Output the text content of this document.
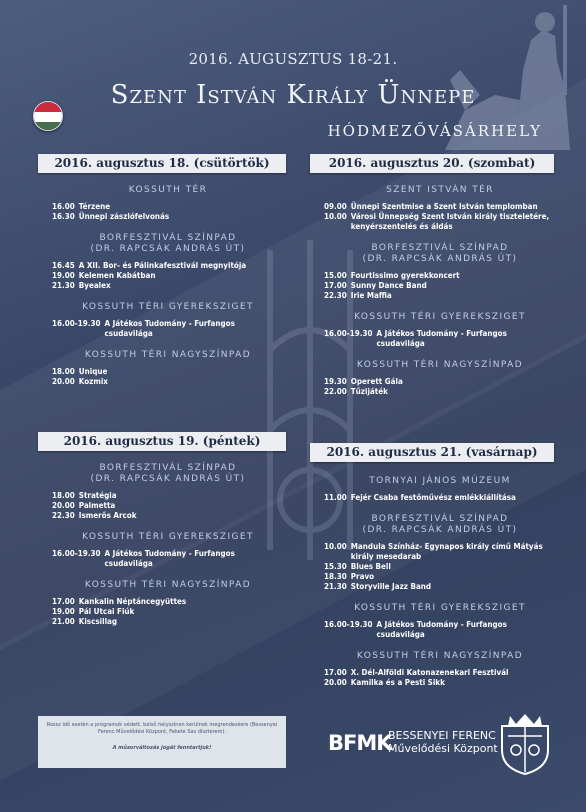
2016. AUGUSZTUS 18-21.
Szent István Király Ünnepe
HÓDMEZŐVÁSÁRHELY
2016. augusztus 18. (csütörtök)
2016. augusztus 19. (péntek)
2016. augusztus 20. (szombat)
2016. augusztus 21. (vasárnap)
KOSSUTH TÉR
16.00 Térzene
16.30 Ünnepi zászlófelvonás
BORFESZTIVÁL SZÍNPAD
(DR. RAPCSÁK ANDRÁS ÚT)
16.45 A XII. Bor- és Pálinkafesztivál megnyitója
19.00 Kelemen Kabátban
21.30 Byealex
KOSSUTH TÉRI GYEREKSZIGET
16.00-19.30 A Játékos Tudomány - Furfangos csudavilága
KOSSUTH TÉRI NAGYSZÍNPAD
18.00 Unique
20.00 Kozmix
BORFESZTIVÁL SZÍNPAD
(DR. RAPCSÁK ANDRÁS ÚT)
18.00 Stratégia
20.00 Palmetta
22.30 Ismerős Arcok
KOSSUTH TÉRI GYEREKSZIGET
16.00-19.30 A Játékos Tudomány - Furfangos csudavilága
KOSSUTH TÉRI NAGYSZÍNPAD
17.00 Kankalin Néptáncegyüttes
19.00 Pál Utcai Fiúk
21.00 Kiscsillag
SZENT ISTVÁN TÉR
09.00 Ünnepi Szentmise a Szent István templomban
10.00 Városi Ünnepség Szent István király tiszteletére, kenyérszentelés és áldás
BORFESZTIVÁL SZÍNPAD
(DR. RAPCSÁK ANDRÁS ÚT)
15.00 Fourtissimo gyerekkoncert
17.00 Sunny Dance Band
22.30 Irie Maffia
KOSSUTH TÉRI GYEREKSZIGET
16.00-19.30 A Játékos Tudomány - Furfangos csudavilága
KOSSUTH TÉRI NAGYSZÍNPAD
19.30 Operett Gála
22.00 Tűzijáték
TORNYAI JÁNOS MÚZEUM
11.00 Fejér Csaba festőművész emlékkiállítása
BORFESZTIVÁL SZÍNPAD
(DR. RAPCSÁK ANDRÁS ÚT)
10.00 Mandula Színház- Egynapos király című Mátyás király mesedarab
15.30 Blues Bell
18.30 Pravo
21.30 Storyville Jazz Band
KOSSUTH TÉRI GYEREKSZIGET
16.00-19.30 A Játékos Tudomány - Furfangos csudavilága
KOSSUTH TÉRI NAGYSZÍNPAD
17.00 X. Dél-Alföldi Katonazenekari Fesztivál
20.00 Kamilka és a Pesti Sikk
Rossz idő esetén a programok védett, belső helyszínen kerülnek megrendezésre (Bessenyei Ferenc Művelődési Központ, Fekete Sas díszterem).
A műsorváltozás jogát fenntartjuk!	BFMK
BESSENYEI FERENC
Művelődési Központ
